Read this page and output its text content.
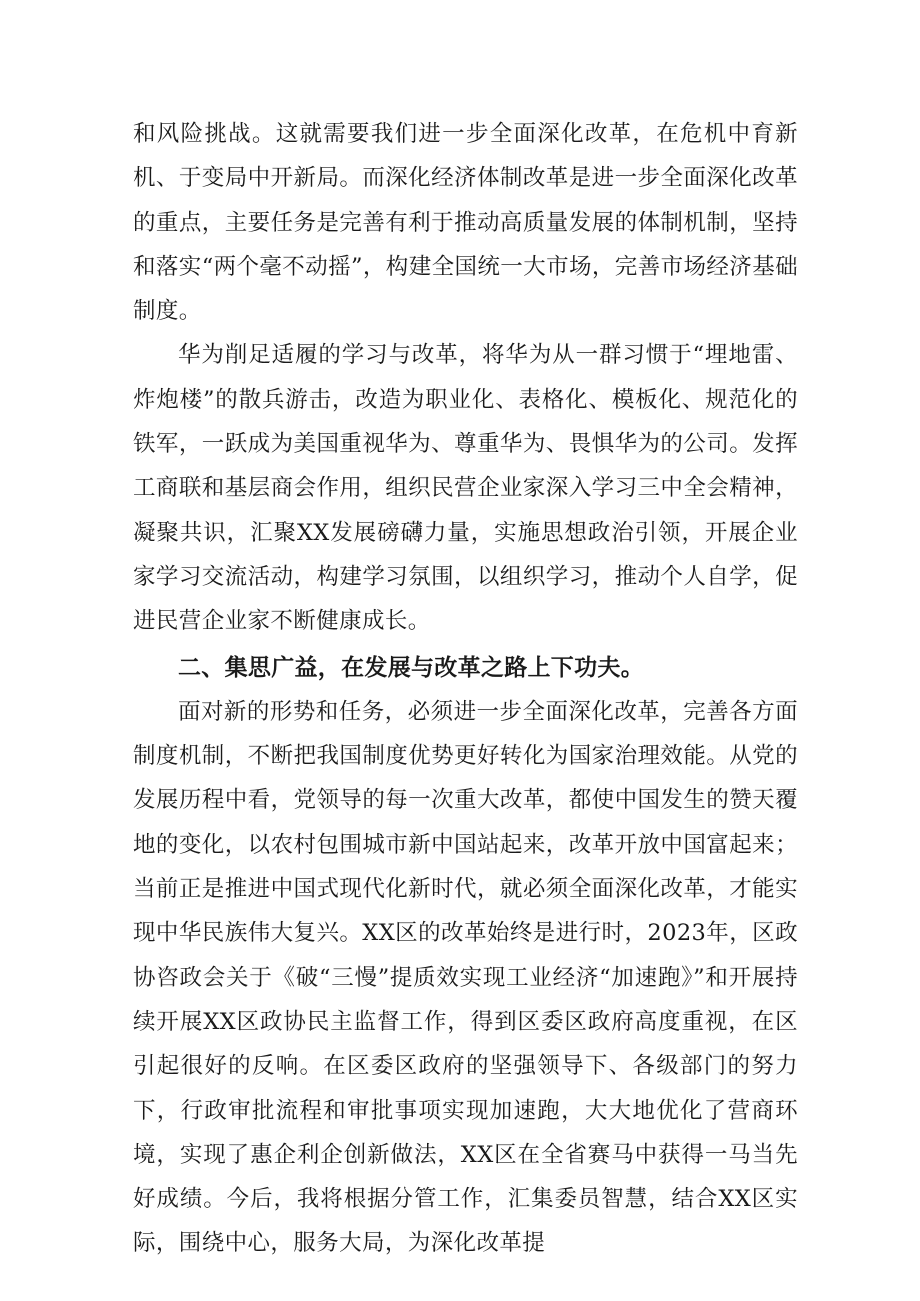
和风险挑战。这就需要我们进一步全面深化改革，在危机中育新机、于变局中开新局。而深化经济体制改革是进一步全面深化改革的重点，主要任务是完善有利于推动高质量发展的体制机制，坚持和落实“两个毫不动摇”，构建全国统一大市场，完善市场经济基础制度。

华为削足适履的学习与改革，将华为从一群习惯于“埋地雷、炸炮楼”的散兵游击，改造为职业化、表格化、模板化、规范化的铁军，一跃成为美国重视华为、尊重华为、畏惧华为的公司。发挥工商联和基层商会作用，组织民营企业家深入学习三中全会精神，凝聚共识，汇聚XX发展磅礴力量，实施思想政治引领，开展企业家学习交流活动，构建学习氛围，以组织学习，推动个人自学，促进民营企业家不断健康成长。

二、集思广益，在发展与改革之路上下功夫。

面对新的形势和任务，必须进一步全面深化改革，完善各方面制度机制，不断把我国制度优势更好转化为国家治理效能。从党的发展历程中看，党领导的每一次重大改革，都使中国发生的赞天覆地的变化，以农村包围城市新中国站起来，改革开放中国富起来；当前正是推进中国式现代化新时代，就必须全面深化改革，才能实现中华民族伟大复兴。XX区的改革始终是进行时，2023年，区政协咨政会关于《破“三慢”提质效实现工业经济“加速跑》”和开展持续开展XX区政协民主监督工作，得到区委区政府高度重视，在区引起很好的反响。在区委区政府的坚强领导下、各级部门的努力下，行政审批流程和审批事项实现加速跑，大大地优化了营商环境，实现了惠企利企创新做法，XX区在全省赛马中获得一马当先好成绩。今后，我将根据分管工作，汇集委员智慧，结合XX区实际，围绕中心，服务大局，为深化改革提
